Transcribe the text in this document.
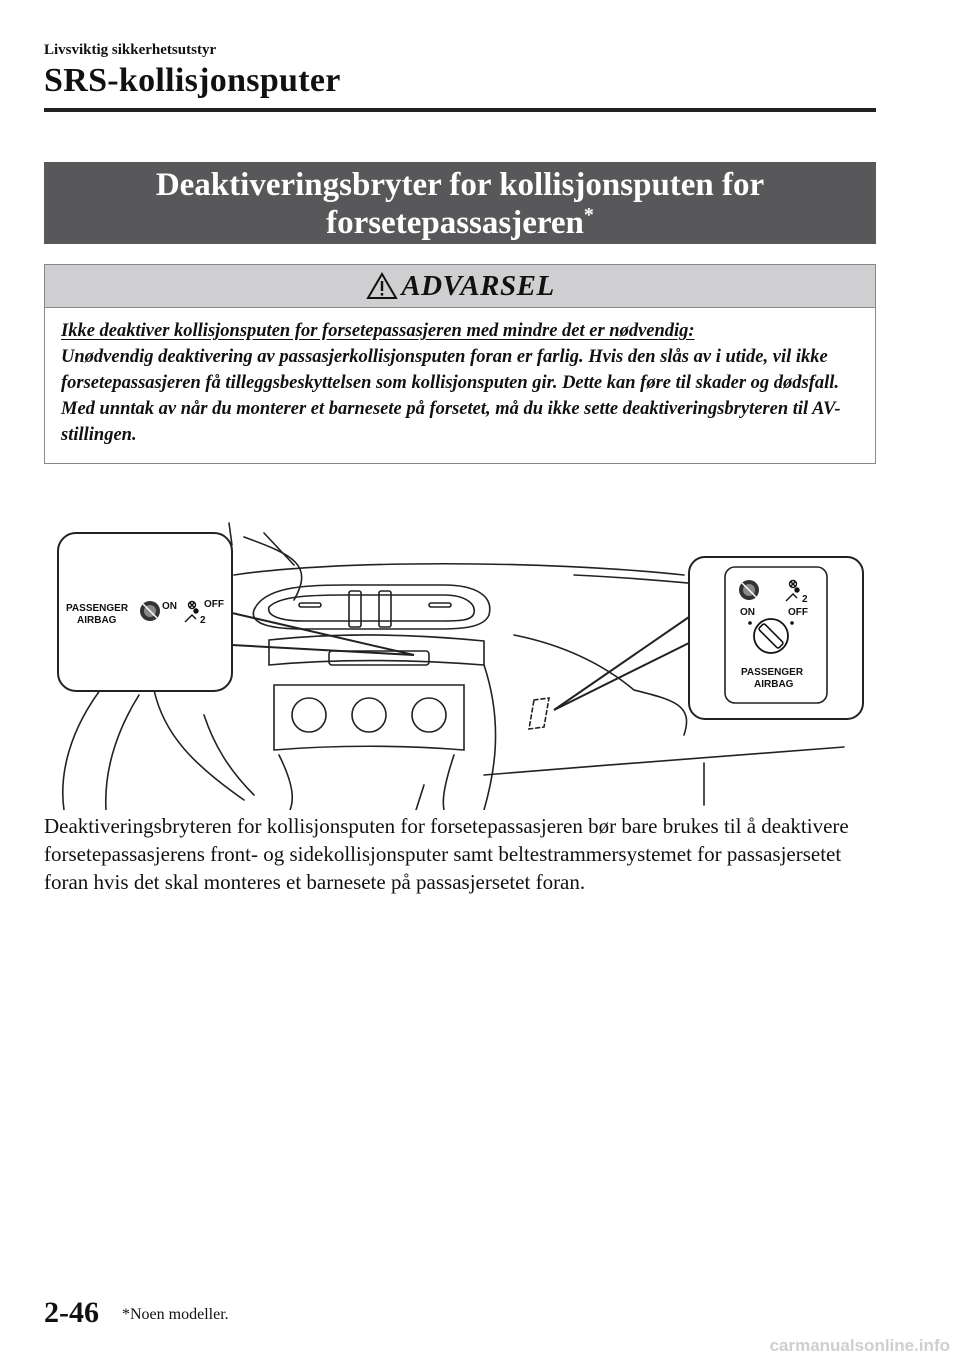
Livsviktig sikkerhetsutstyr
SRS-kollisjonsputer
Deaktiveringsbryter for kollisjonsputen for
forsetepassasjeren*
ADVARSEL
Ikke deaktiver kollisjonsputen for forsetepassasjeren med mindre det er nødvendig:
Unødvendig deaktivering av passasjerkollisjonsputen foran er farlig. Hvis den slås av i utide, vil ikke forsetepassasjeren få tilleggsbeskyttelsen som kollisjonsputen gir. Dette kan føre til skader og dødsfall. Med unntak av når du monterer et barnesete på forsetet, må du ikke sette deaktiveringsbryteren til AV-stillingen.
PASSENGER
AIRBAG
ON	OFF
2
2
ON	OFF
PASSENGER
AIRBAG
Deaktiveringsbryteren for kollisjonsputen for forsetepassasjeren bør bare brukes til å deaktivere forsetepassasjerens front- og sidekollisjonsputer samt beltestrammersystemet for passasjersetet foran hvis det skal monteres et barnesete på passasjersetet foran.
2-46 *Noen modeller.
carmanualsonline.info
